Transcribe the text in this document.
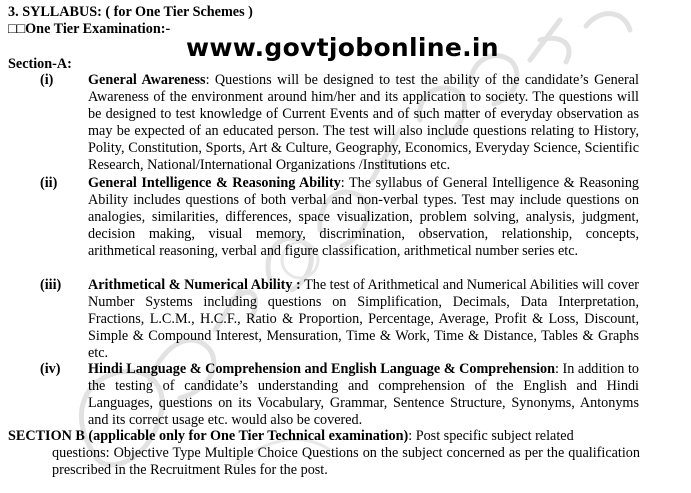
3. SYLLABUS: ( for One Tier Schemes )
□□One Tier Examination:-
www.govtjobonline.in
Section-A:
(i) General Awareness: Questions will be designed to test the ability of the candidate’s General Awareness of the environment around him/her and its application to society. The questions will be designed to test knowledge of Current Events and of such matter of everyday observation as may be expected of an educated person. The test will also include questions relating to History, Polity, Constitution, Sports, Art & Culture, Geography, Economics, Everyday Science, Scientific Research, National/International Organizations /Institutions etc.
(ii) General Intelligence & Reasoning Ability: The syllabus of General Intelligence & Reasoning Ability includes questions of both verbal and non-verbal types. Test may include questions on analogies, similarities, differences, space visualization, problem solving, analysis, judgment, decision making, visual memory, discrimination, observation, relationship, concepts, arithmetical reasoning, verbal and figure classification, arithmetical number series etc.
(iii) Arithmetical & Numerical Ability : The test of Arithmetical and Numerical Abilities will cover Number Systems including questions on Simplification, Decimals, Data Interpretation, Fractions, L.C.M., H.C.F., Ratio & Proportion, Percentage, Average, Profit & Loss, Discount, Simple & Compound Interest, Mensuration, Time & Work, Time & Distance, Tables & Graphs etc.
(iv) Hindi Language & Comprehension and English Language & Comprehension: In addition to the testing of candidate’s understanding and comprehension of the English and Hindi Languages, questions on its Vocabulary, Grammar, Sentence Structure, Synonyms, Antonyms and its correct usage etc. would also be covered.
SECTION B (applicable only for One Tier Technical examination): Post specific subject related
questions: Objective Type Multiple Choice Questions on the subject concerned as per the qualification prescribed in the Recruitment Rules for the post.
